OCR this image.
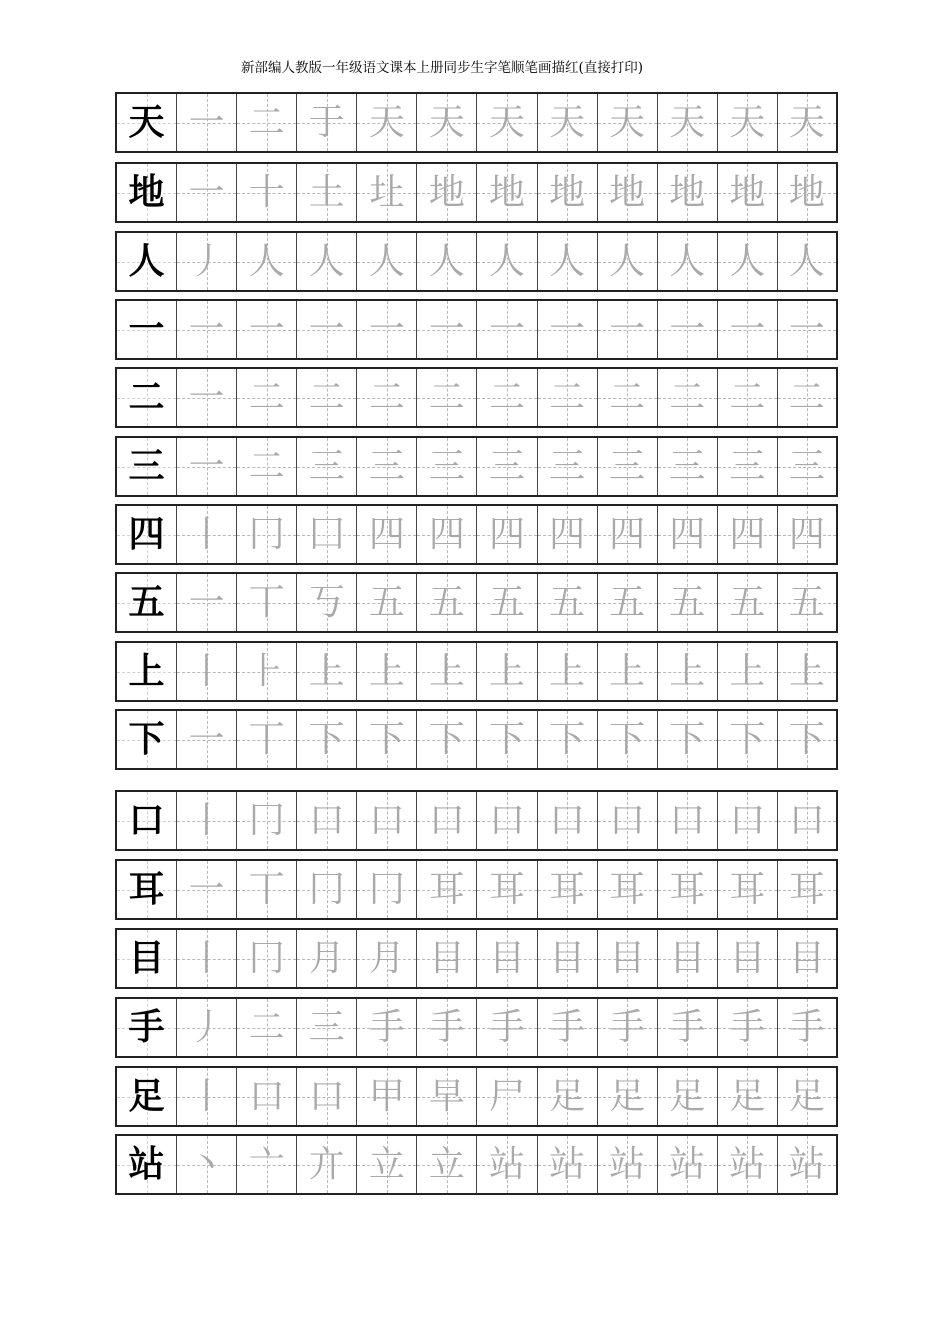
新部编人教版一年级语文课本上册同步生字笔顺笔画描红(直接打印)
天 一 二 于 天 天 天 天 天 天 天 天
地 一 十 土 圵 地 地 地 地 地 地 地
人 丿 人 人 人 人 人 人 人 人 人 人
一 一 一 一 一 一 一 一 一 一 一 一
二 一 二 二 二 二 二 二 二 二 二 二
三 一 二 三 三 三 三 三 三 三 三 三
四 丨 冂 囗 四 四 四 四 四 四 四 四
五 一 丅 丂 五 五 五 五 五 五 五 五
上 丨 ⺊ 上 上 上 上 上 上 上 上 上
下 一 丅 下 下 下 下 下 下 下 下 下
口 丨 冂 口 口 口 口 口 口 口 口 口
耳 一 丅 冂 冂 耳 耳 耳 耳 耳 耳 耳
目 丨 冂 月 月 目 目 目 目 目 目 目
手 丿 二 三 手 手 手 手 手 手 手 手
足 丨 口 口 甲 早 尸 足 足 足 足 足
站 丶 亠 亣 立 立 站 站 站 站 站 站
